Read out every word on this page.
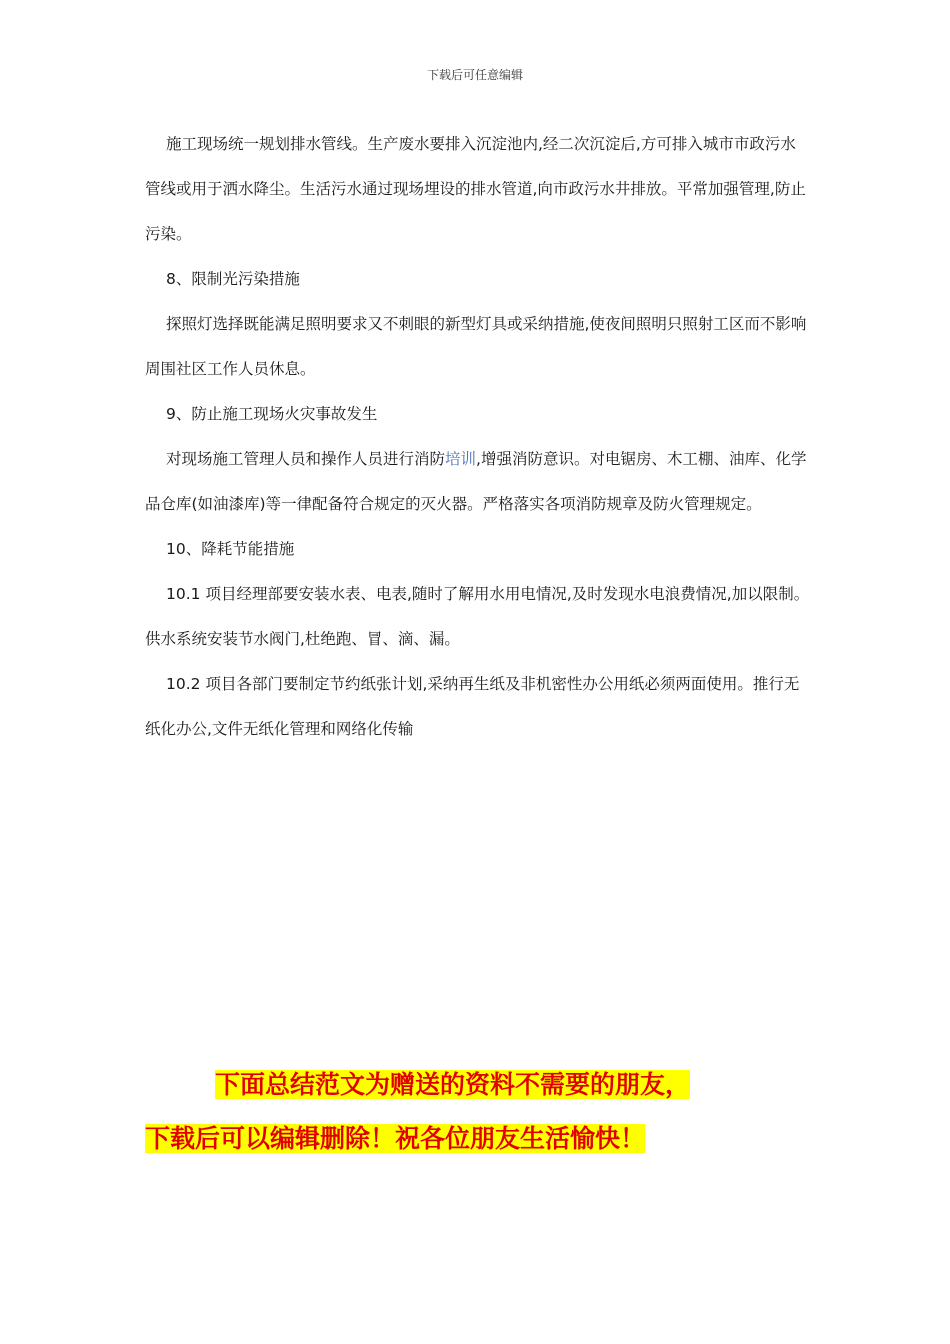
下载后可任意编辑

施工现场统一规划排水管线。生产废水要排入沉淀池内,经二次沉淀后,方可排入城市市政污水管线或用于洒水降尘。生活污水通过现场埋设的排水管道,向市政污水井排放。平常加强管理,防止污染。

8、限制光污染措施

探照灯选择既能满足照明要求又不刺眼的新型灯具或采纳措施,使夜间照明只照射工区而不影响周围社区工作人员休息。

9、防止施工现场火灾事故发生

对现场施工管理人员和操作人员进行消防培训,增强消防意识。对电锯房、木工棚、油库、化学品仓库(如油漆库)等一律配备符合规定的灭火器。严格落实各项消防规章及防火管理规定。

10、降耗节能措施

10.1 项目经理部要安装水表、电表,随时了解用水用电情况,及时发现水电浪费情况,加以限制。供水系统安装节水阀门,杜绝跑、冒、滴、漏。

10.2 项目各部门要制定节约纸张计划,采纳再生纸及非机密性办公用纸必须两面使用。推行无纸化办公,文件无纸化管理和网络化传输

下面总结范文为赠送的资料不需要的朋友，

下载后可以编辑删除！祝各位朋友生活愉快！
